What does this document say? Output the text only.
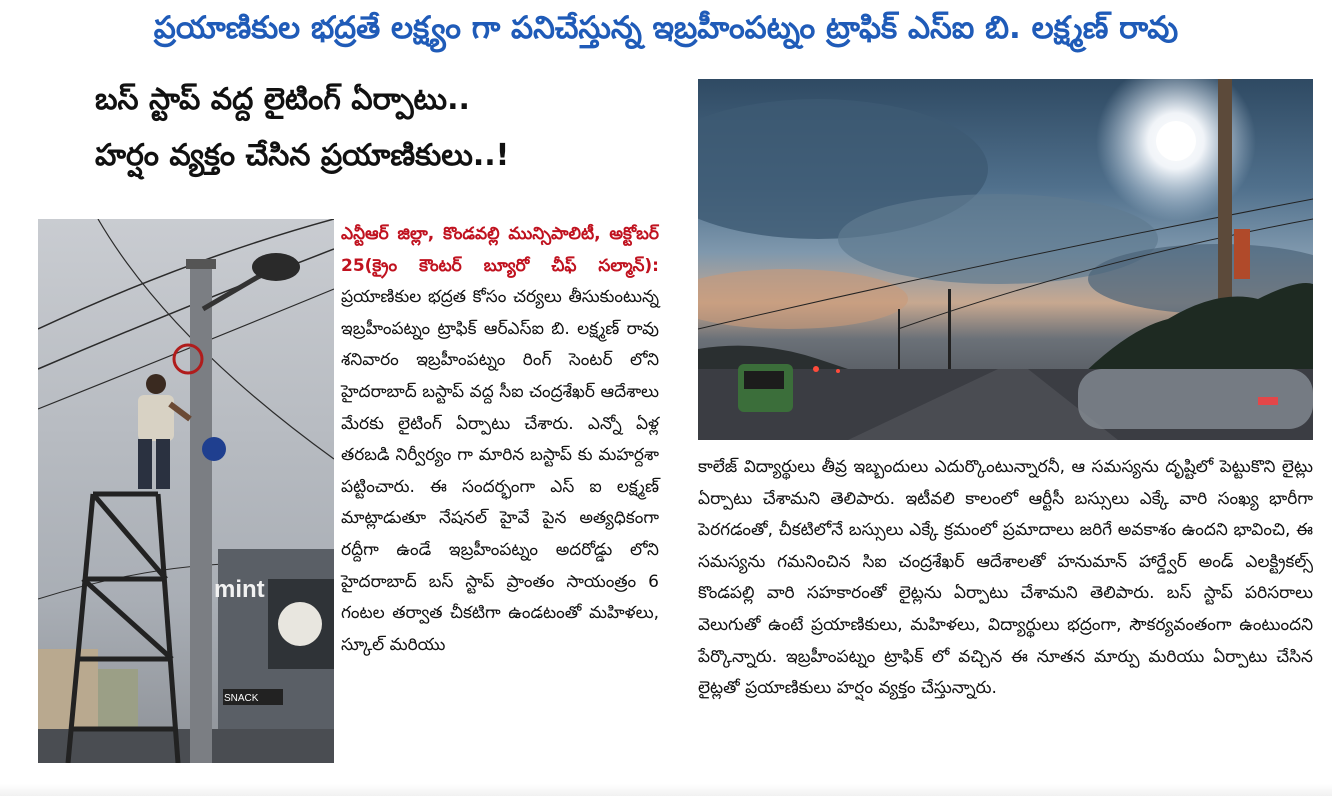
ప్రయాణికుల భద్రతే లక్ష్యం గా పనిచేస్తున్న ఇబ్రహీంపట్నం ట్రాఫిక్ ఎస్ఐ బి. లక్ష్మణ్ రావు
బస్ స్టాప్ వద్ద లైటింగ్ ఏర్పాటు..
హర్షం వ్యక్తం చేసిన ప్రయాణికులు..!
SNACK
mint
ఎన్టీఆర్ జిల్లా, కొండవల్లి మున్సిపాలిటీ, అక్టోబర్ 25(క్రైం కౌంటర్ బ్యూరో చీఫ్ సల్మాన్): ప్రయాణికుల భద్రత కోసం చర్యలు తీసుకుంటున్న ఇబ్రహీంపట్నం ట్రాఫిక్ ఆర్ఎస్ఐ బి. లక్ష్మణ్ రావు శనివారం ఇబ్రహీంపట్నం రింగ్ సెంటర్ లోని హైదరాబాద్ బస్టాప్ వద్ద సీఐ చంద్రశేఖర్ ఆదేశాలు మేరకు లైటింగ్ ఏర్పాటు చేశారు. ఎన్నో ఏళ్ల తరబడి నిర్వీర్యం గా మారిన బస్టాప్ కు మహర్దశా పట్టించారు. ఈ సందర్భంగా ఎస్ ఐ లక్ష్మణ్ మాట్లాడుతూ నేషనల్ హైవే పైన అత్యధికంగా రద్దీగా ఉండే ఇబ్రహీంపట్నం అదరోడ్డు లోని హైదరాబాద్ బస్ స్టాప్ ప్రాంతం సాయంత్రం 6 గంటల తర్వాత చీకటిగా ఉండటంతో మహిళలు, స్కూల్ మరియు
కాలేజ్ విద్యార్థులు తీవ్ర ఇబ్బందులు ఎదుర్కొంటున్నారనీ, ఆ సమస్యను దృష్టిలో పెట్టుకొని లైట్లు ఏర్పాటు చేశామని తెలిపారు. ఇటీవలి కాలంలో ఆర్టీసీ బస్సులు ఎక్కే వారి సంఖ్య భారీగా పెరగడంతో, చీకటిలోనే బస్సులు ఎక్కే క్రమంలో ప్రమాదాలు జరిగే అవకాశం ఉందని భావించి, ఈ సమస్యను గమనించిన సిఐ చంద్రశేఖర్ ఆదేశాలతో హనుమాన్ హార్డ్వేర్ అండ్ ఎలక్ట్రికల్స్ కొండపల్లి వారి సహకారంతో లైట్లను ఏర్పాటు చేశామని తెలిపారు. బస్ స్టాప్ పరిసరాలు వెలుగుతో ఉంటే ప్రయాణికులు, మహిళలు, విద్యార్థులు భద్రంగా, సౌకర్యవంతంగా ఉంటుందని పేర్కొన్నారు. ఇబ్రహీంపట్నం ట్రాఫిక్ లో వచ్చిన ఈ నూతన మార్పు మరియు ఏర్పాటు చేసిన లైట్లతో ప్రయాణికులు హర్షం వ్యక్తం చేస్తున్నారు.
